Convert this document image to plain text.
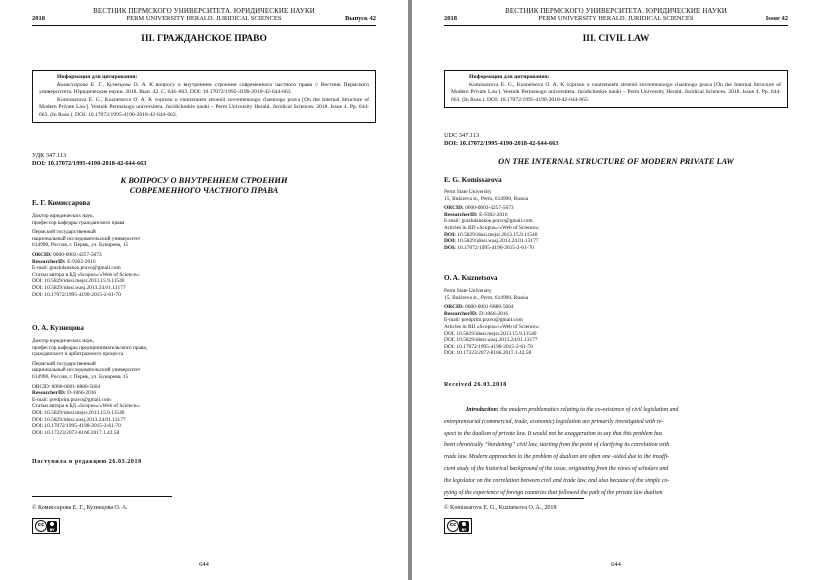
ВЕСТНИК ПЕРМСКОГО УНИВЕРСИТЕТА. ЮРИДИЧЕСКИЕ НАУКИ
2018	PERM UNIVERSITY HERALD. JURIDICAL SCIENCES	Выпуск 42
III. ГРАЖДАНСКОЕ ПРАВО
Информация для цитирования:
Комиссарова Е. Г., Кузнецова О. А. К вопросу о внутреннем строении современного частного права // Вестник Пермского университета. Юридические науки. 2018. Вып. 42. C. 644–663. DOI: 10.17072/1995-4190-2018-42-644-663.
Komissarova E. G., Kuznetsova O. A. K voprosu o vnutrennem stroenii sovremennogo chastnogo prava [On the Internal Structure of Modern Private Law]. Vestnik Permskogo universiteta. Juridicheskie nauki – Perm University Herald. Juridical Sciences. 2018. Issue 4. Pp. 644-663. (In Russ.). DOI: 10.17072/1995-4190-2018-42-644-663.
УДК 347.113
DOI: 10.17072/1995-4190-2018-42-644-663
К ВОПРОСУ О ВНУТРЕННЕМ СТРОЕНИИ
СОВРЕМЕННОГО ЧАСТНОГО ПРАВА
Е. Г. Комиссарова
Доктор юридических наук,
профессор кафедры гражданского права
Пермский государственный
национальный исследовательский университет
614990, Россия, г. Пермь, ул. Букирева, 15
ORCID: 0000-0003-4257-5673
ResearcherID: E-9302-2016
E-mail: grazhdanskoe.pravo@gmail.com
Статьи автора в БД «Scopus»/«Web of Science»:
DOI: 10.5829/idosi.mejsr.2013.15.9.11540
DOI: 10.5829/idosi.wasj.2013.24.01.13177
DOI: 10.17072/1995-4190-2015-2-61-70
О. А. Кузнецова
Доктор юридических наук,
профессор кафедры предпринимательского права,
гражданского и арбитражного процесса
Пермский государственный
национальный исследовательский университет
614990, Россия, г. Пермь, ул. Букирева, 15
ORCID: 0000-0001-6880-5604
ResearcherID: D-1066-2016
E-mail: predprim.pravo@gmail.com
Статьи автора в БД «Scopus»/«Web of Science»:
DOI: 10.5829/idosi.mejsr.2013.15.9.11540
DOI: 10.5829/idosi.wasj.2013.24.01.13177
DOI: 10.17072/1995-4190-2015-2-61-70
DOI: 10.17323/2072-8166.2017.1.42.58
Поступила в редакцию 26.03.2018
© Комиссарова Е. Г., Кузнецова О. А.
cc
BY
644
ВЕСТНИК ПЕРМСКОГО УНИВЕРСИТЕТА. ЮРИДИЧЕСКИЕ НАУКИ
2018	PERM UNIVERSITY HERALD. JURIDICAL SCIENCES	Issue 42
III. CIVIL LAW
Информация для цитирования:
Komissarova E. G., Kuznetsova O. A. K voprosu o vnutrennem stroenii sovremennogo chastnogo prava [On the Internal Structure of Modern Private Law]. Vestnik Permskogo universiteta. Juridicheskie nauki – Perm University Herald. Juridical Sciences. 2018. Issue 4. Pp. 644-663. (In Russ.). DOI: 10.17072/1995-4190-2018-42-644-663.
UDC 347.113
DOI: 10.17072/1995-4190-2018-42-644-663
ON THE INTERNAL STRUCTURE OF MODERN PRIVATE LAW
E. G. Komissarova
Perm State University
15, Bukireva st., Perm, 614990, Russia
ORCID: 0000-0003-4257-5673
ResearcherID: E-9302-2016
E-mail: grazhdanskoe.pravo@gmail.com
Articles in BD «Scopus»/«Web of Science»:
DOI: 10.5829/idosi.mejsr.2013.15.9.11540
DOI: 10.5829/idosi.wasj.2013.24.01.13177
DOI: 10.17072/1995-4190-2015-2-61-70
O. A. Kuznetsova
Perm State University
15, Bukireva st., Perm, 614990, Russia
ORCID: 0000-0001-6880-5604
ResearcherID: D-1066-2016
E-mail: predprim.pravo@gmail.com
Articles in BD «Scopus»/«Web of Science»:
DOI: 10.5829/idosi.mejsr.2013.15.9.11540
DOI: 10.5829/idosi.wasj.2013.24.01.13177
DOI: 10.17072/1995-4190-2015-2-61-70
DOI: 10.17323/2072-8166.2017.1.42.58
Received 26.03.2018
Introduction: the modern problematics relating to the co-existence of civil legislation and
entrepreneurial (commercial, trade, economic) legislation are primarily investigated with re-
spect to the dualism of private law. It would not be exaggeration to say that this problem has
been chronically “burdening” civil law, starting from the point of clarifying its correlation with
trade law. Modern approaches to the problem of dualism are often one -sided due to the insuffi-
cient study of the historical background of the issue, originating from the views of scholars and
the legislator on the correlation between civil and trade law, and also because of the simple co-
pying of the experience of foreign countries that followed the path of the private law dualism
© Komissarova E. G., Kuznetsova O. A., 2018
cc
BY
644
